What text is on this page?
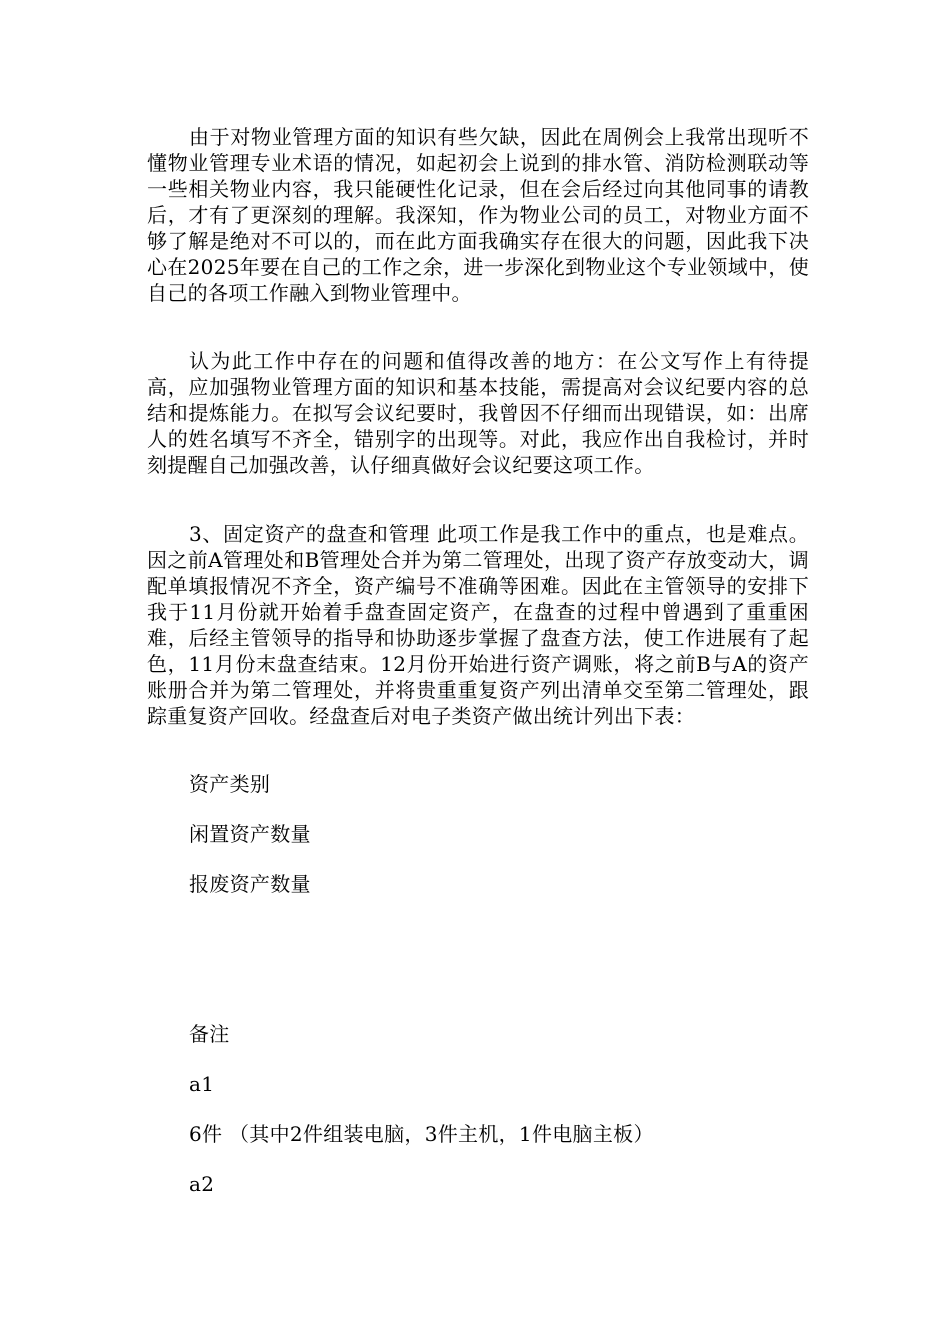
由于对物业管理方面的知识有些欠缺，因此在周例会上我常出现听不懂物业管理专业术语的情况，如起初会上说到的排水管、消防检测联动等一些相关物业内容，我只能硬性化记录，但在会后经过向其他同事的请教后，才有了更深刻的理解。我深知，作为物业公司的员工，对物业方面不够了解是绝对不可以的，而在此方面我确实存在很大的问题，因此我下决心在2025年要在自己的工作之余，进一步深化到物业这个专业领域中，使自己的各项工作融入到物业管理中。

认为此工作中存在的问题和值得改善的地方：在公文写作上有待提高，应加强物业管理方面的知识和基本技能，需提高对会议纪要内容的总结和提炼能力。在拟写会议纪要时，我曾因不仔细而出现错误，如：出席人的姓名填写不齐全，错别字的出现等。对此，我应作出自我检讨，并时刻提醒自己加强改善，认仔细真做好会议纪要这项工作。

3、固定资产的盘查和管理 此项工作是我工作中的重点，也是难点。因之前A管理处和B管理处合并为第二管理处，出现了资产存放变动大，调配单填报情况不齐全，资产编号不准确等困难。因此在主管领导的安排下我于11月份就开始着手盘查固定资产，在盘查的过程中曾遇到了重重困难，后经主管领导的指导和协助逐步掌握了盘查方法，使工作进展有了起色，11月份末盘查结束。12月份开始进行资产调账，将之前B与A的资产账册合并为第二管理处，并将贵重重复资产列出清单交至第二管理处，跟踪重复资产回收。经盘查后对电子类资产做出统计列出下表：

资产类别

闲置资产数量

报废资产数量

备注

a1

6件 （其中2件组装电脑，3件主机，1件电脑主板）

a2
